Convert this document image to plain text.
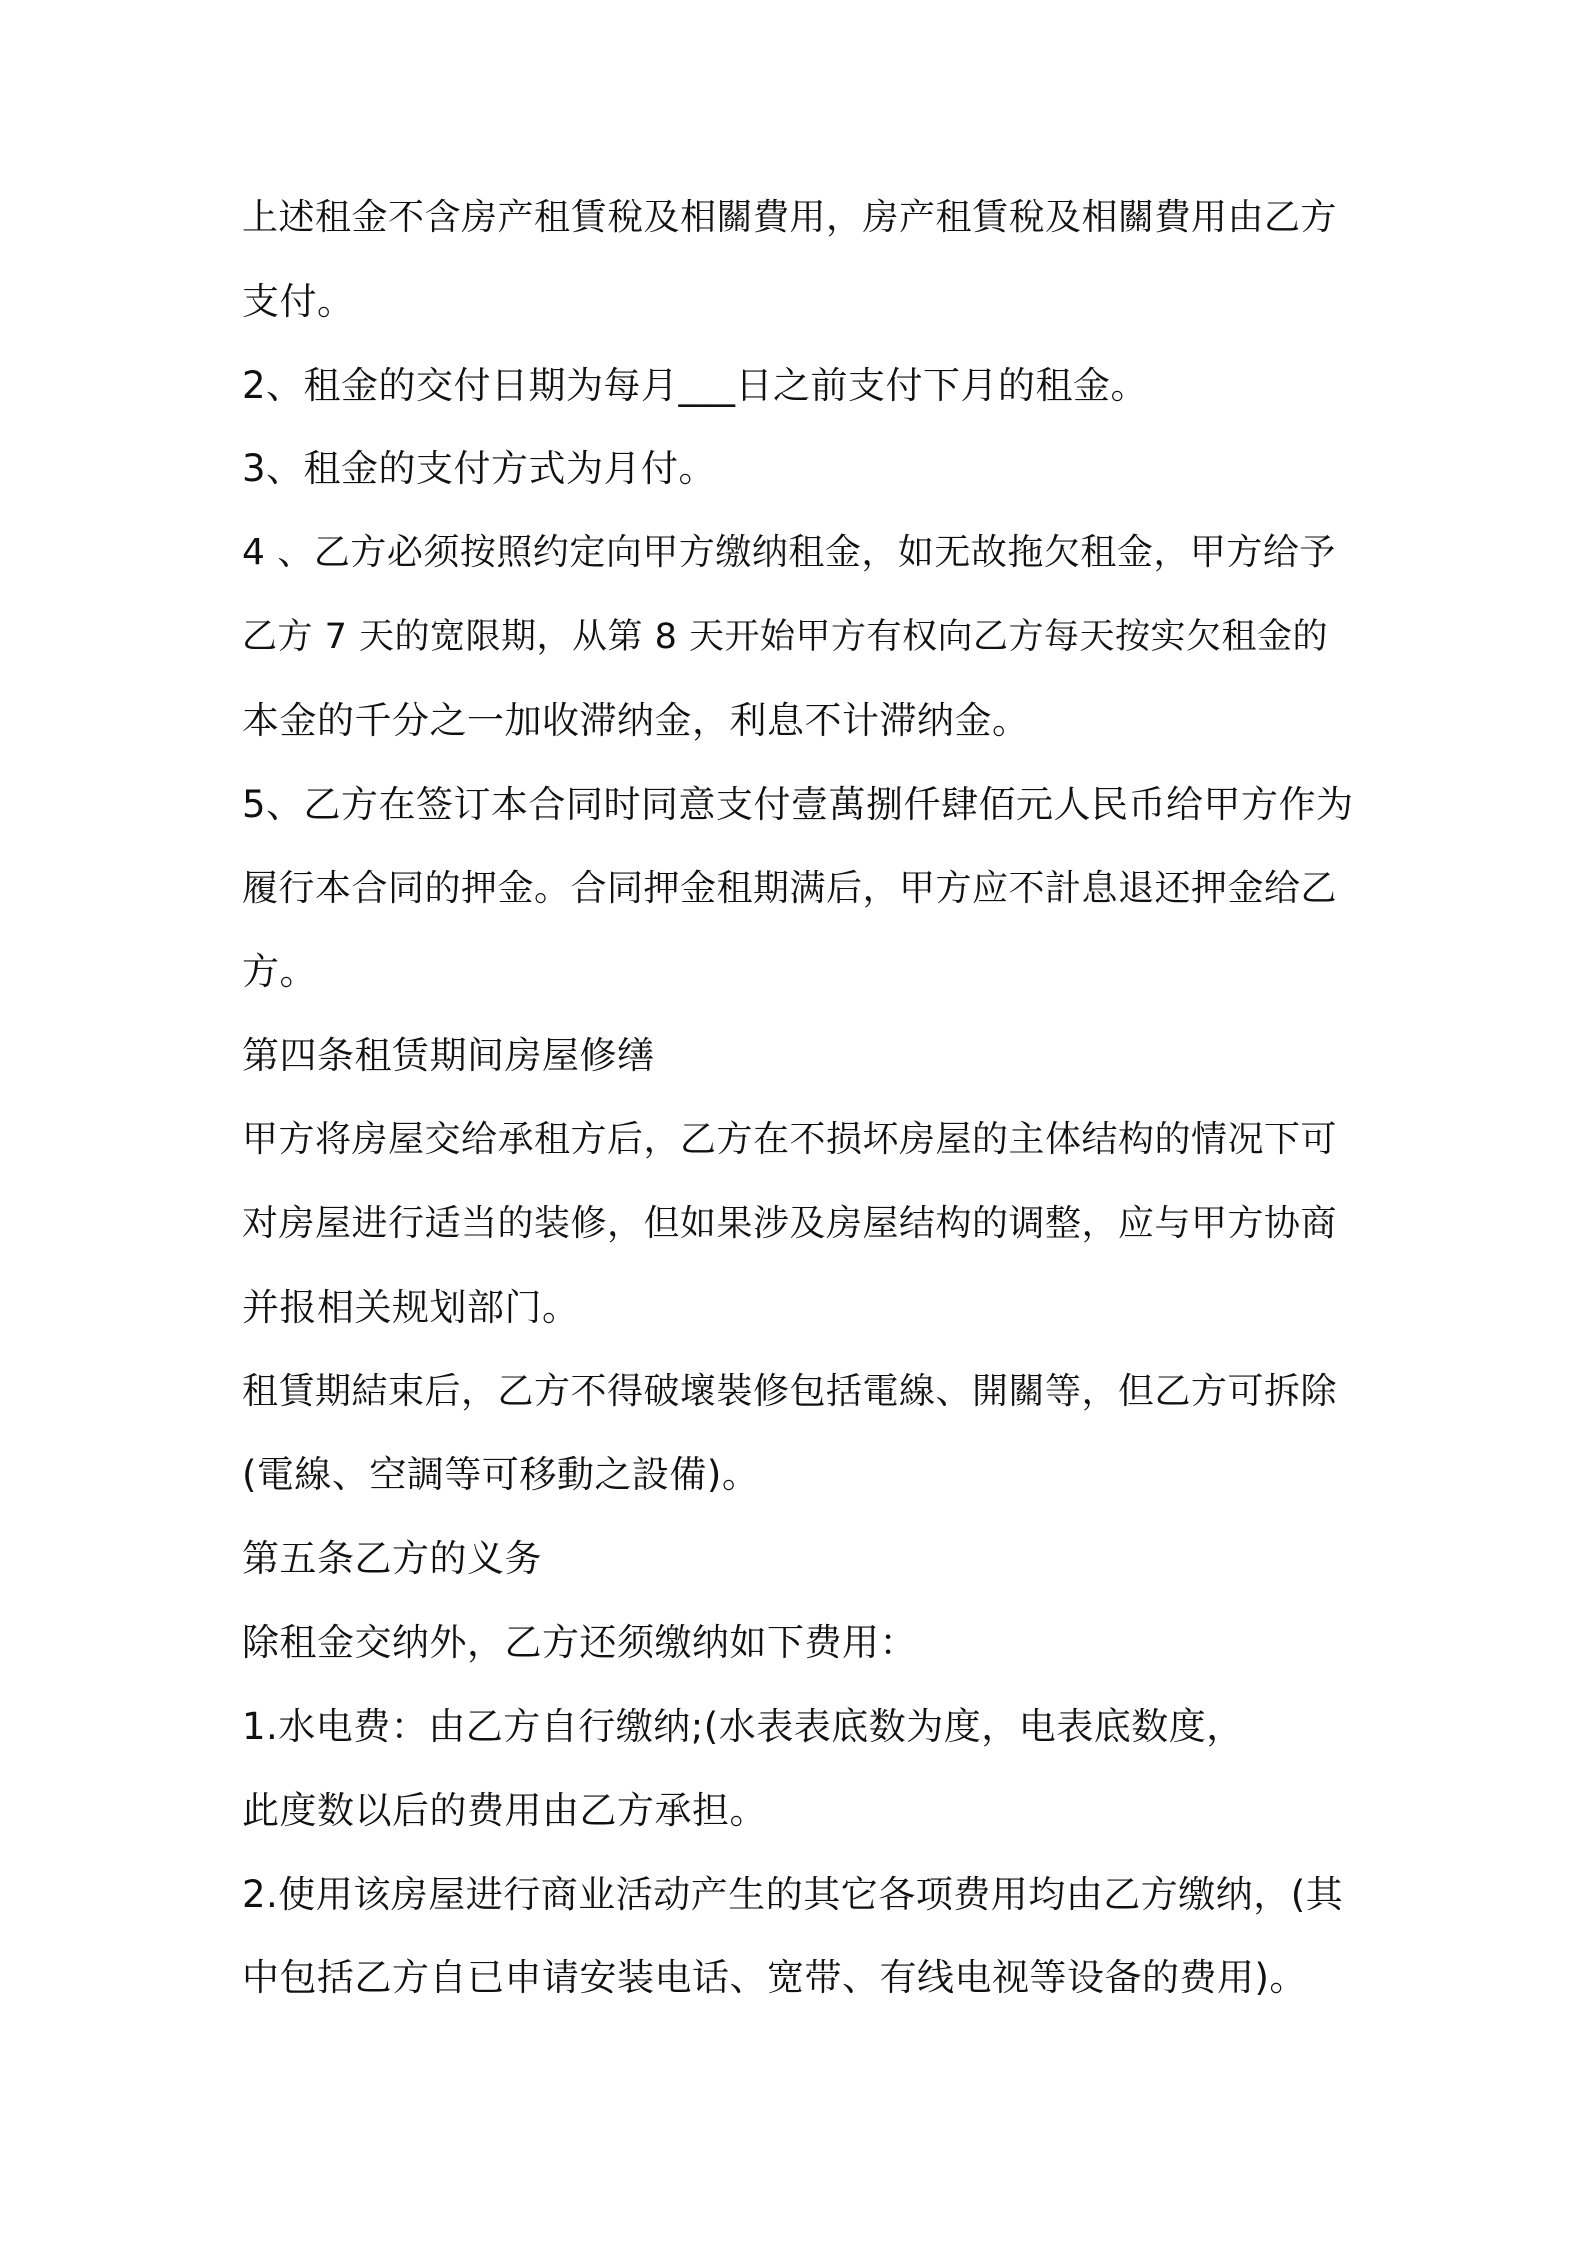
上述租金不含房产租賃稅及相關費用，房产租賃稅及相關費用由乙方
支付。
2、租金的交付日期为每月___日之前支付下月的租金。
3、租金的支付方式为月付。
4 、乙方必须按照约定向甲方缴纳租金，如无故拖欠租金，甲方给予
乙方 7 天的宽限期，从第 8 天开始甲方有权向乙方每天按实欠租金的
本金的千分之一加收滞纳金，利息不计滞纳金。
5、乙方在签订本合同时同意支付壹萬捌仟肆佰元人民币给甲方作为
履行本合同的押金。合同押金租期满后，甲方应不計息退还押金给乙
方。
第四条租赁期间房屋修缮
甲方将房屋交给承租方后，乙方在不损坏房屋的主体结构的情况下可
对房屋进行适当的装修，但如果涉及房屋结构的调整，应与甲方协商
并报相关规划部门。
租賃期結束后，乙方不得破壞裝修包括電線、開關等，但乙方可拆除
(電線、空調等可移動之設備)。
第五条乙方的义务
除租金交纳外，乙方还须缴纳如下费用：
1.水电费：由乙方自行缴纳;(水表表底数为度，电表底数度，
此度数以后的费用由乙方承担。
2.使用该房屋进行商业活动产生的其它各项费用均由乙方缴纳，(其
中包括乙方自已申请安装电话、宽带、有线电视等设备的费用)。
